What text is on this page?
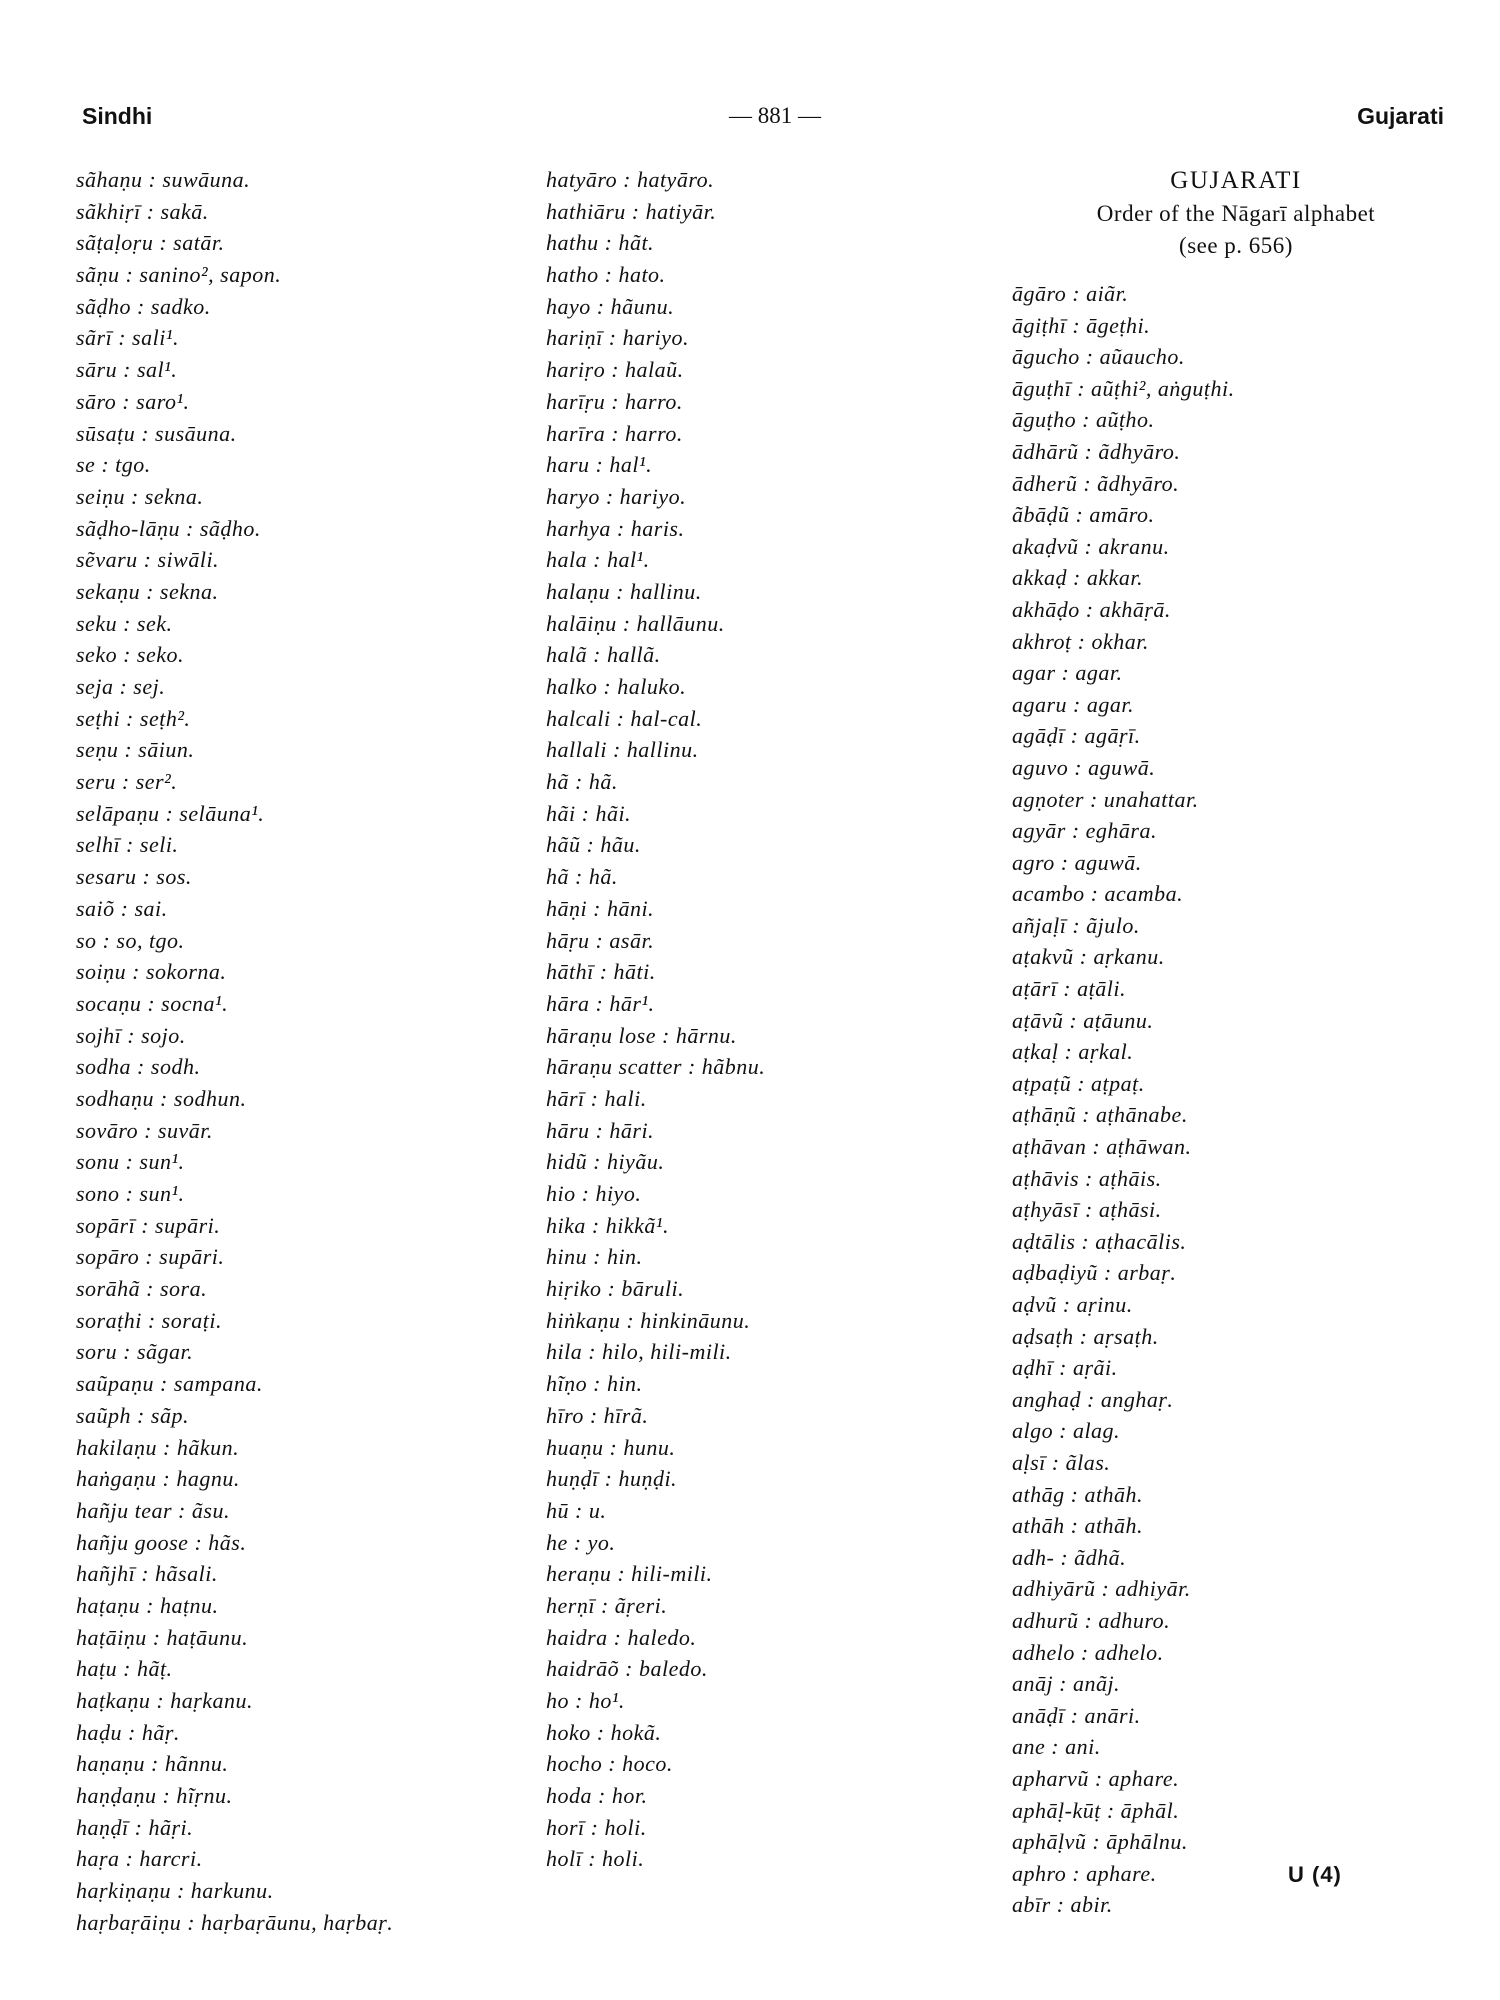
Sindhi	— 881 —	Gujarati
sãhaṇu : suwāuna.
sãkhiṛī : sakā.
sãṭaḷoṛu : satār.
sãṇu : sanino², sapon.
sãḍho : sadko.
sãrī : sali¹.
sāru : sal¹.
sāro : saro¹.
sūsaṭu : susāuna.
se : tgo.
seiṇu : sekna.
sãḍho-lāṇu : sãḍho.
sẽvaru : siwāli.
sekaṇu : sekna.
seku : sek.
seko : seko.
seja : sej.
seṭhi : seṭh².
seṇu : sāiun.
seru : ser².
selāpaṇu : selāuna¹.
selhī : seli.
sesaru : sos.
saiõ : sai.
so : so, tgo.
soiṇu : sokorna.
socaṇu : socna¹.
sojhī : sojo.
sodha : sodh.
sodhaṇu : sodhun.
sovāro : suvār.
sonu : sun¹.
sono : sun¹.
sopārī : supāri.
sopāro : supāri.
sorāhã : sora.
soraṭhi : soraṭi.
soru : sãgar.
saũpaṇu : sampana.
saũph : sãp.
hakilaṇu : hãkun.
haṅgaṇu : hagnu.
hañju tear : ãsu.
hañju goose : hãs.
hañjhī : hãsali.
haṭaṇu : haṭnu.
haṭāiṇu : haṭāunu.
haṭu : hãṭ.
haṭkaṇu : haṛkanu.
haḍu : hãṛ.
haṇaṇu : hãnnu.
haṇḍaṇu : hĩṛnu.
haṇḍī : hãṛi.
haṛa : harcri.
haṛkiṇaṇu : harkunu.
haṛbaṛāiṇu : haṛbaṛāunu, haṛbaṛ.
hatyāro : hatyāro.
hathiāru : hatiyār.
hathu : hãt.
hatho : hato.
hayo : hãunu.
hariṇī : hariyo.
hariṛo : halaũ.
harīṛu : harro.
harīra : harro.
haru : hal¹.
haryo : hariyo.
harhya : haris.
hala : hal¹.
halaṇu : hallinu.
halāiṇu : hallāunu.
halã : hallã.
halko : haluko.
halcali : hal-cal.
hallali : hallinu.
hã : hã.
hãi : hãi.
hãũ : hãu.
hã : hã.
hāṇi : hāni.
hāṛu : asār.
hāthī : hāti.
hāra : hār¹.
hāraṇu lose : hārnu.
hāraṇu scatter : hãbnu.
hārī : hali.
hāru : hāri.
hidũ : hiyãu.
hio : hiyo.
hika : hikkã¹.
hinu : hin.
hiṛiko : bāruli.
hiṅkaṇu : hinkināunu.
hila : hilo, hili-mili.
hĩṇo : hin.
hīro : hīrã.
huaṇu : hunu.
huṇḍī : huṇḍi.
hū : u.
he : yo.
heraṇu : hili-mili.
herṇī : ãṛeri.
haidra : haledo.
haidrāõ : baledo.
ho : ho¹.
hoko : hokã.
hocho : hoco.
hoda : hor.
horī : holi.
holī : holi.
GUJARATI
Order of the Nāgarī alphabet
(see p. 656)
āgāro : aiãr.
āgiṭhī : āgeṭhi.
āgucho : aũaucho.
āguṭhī : aũṭhi², aṅguṭhi.
āguṭho : aũṭho.
ādhārũ : ãdhyāro.
ādherũ : ãdhyāro.
ãbāḍũ : amāro.
akaḍvũ : akranu.
akkaḍ : akkar.
akhāḍo : akhāṛā.
akhroṭ : okhar.
agar : agar.
agaru : agar.
agāḍī : agāṛī.
aguvo : aguwā.
agṇoter : unahattar.
agyār : eghāra.
agro : aguwā.
acambo : acamba.
añjaḷī : ãjulo.
aṭakvũ : aṛkanu.
aṭārī : aṭāli.
aṭāvũ : aṭāunu.
aṭkaḷ : aṛkal.
aṭpaṭũ : aṭpaṭ.
aṭhāṇũ : aṭhānabe.
aṭhāvan : aṭhāwan.
aṭhāvis : aṭhāis.
aṭhyāsī : aṭhāsi.
aḍtālis : aṭhacālis.
aḍbaḍiyũ : arbaṛ.
aḍvũ : aṛinu.
aḍsaṭh : aṛsaṭh.
aḍhī : aṛãi.
anghaḍ : anghaṛ.
algo : alag.
aḷsī : ãlas.
athāg : athāh.
athāh : athāh.
adh- : ãdhã.
adhiyārũ : adhiyār.
adhurũ : adhuro.
adhelo : adhelo.
anāj : anãj.
anāḍī : anāri.
ane : ani.
apharvũ : aphare.
aphāḷ-kūṭ : āphāl.
aphāḷvũ : āphālnu.
aphro : aphare.
abīr : abir.
U (4)
